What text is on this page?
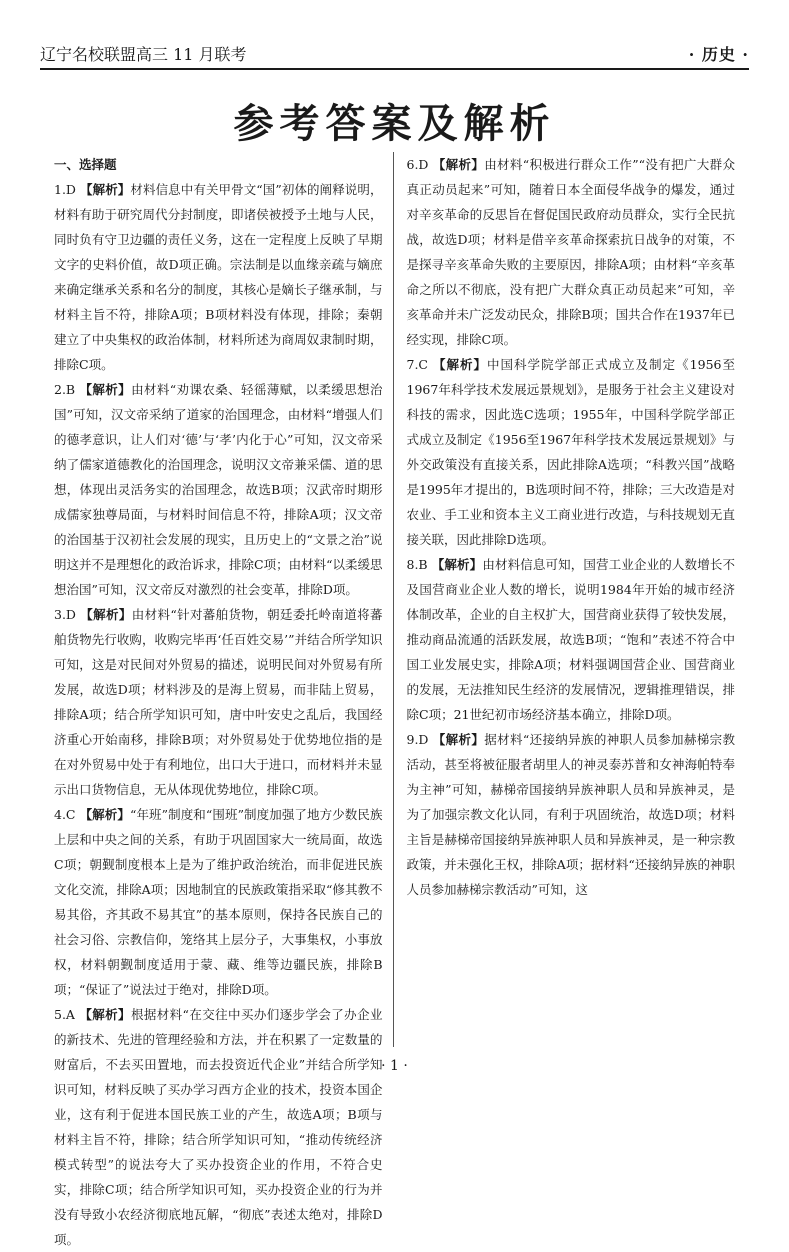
辽宁名校联盟高三 11 月联考	· 历史 ·
参考答案及解析
一、选择题

1.D 【解析】材料信息中有关甲骨文“国”初体的阐释说明，材料有助于研究周代分封制度，即诸侯被授予土地与人民，同时负有守卫边疆的责任义务，这在一定程度上反映了早期文字的史料价值，故D项正确。宗法制是以血缘亲疏与嫡庶来确定继承关系和名分的制度，其核心是嫡长子继承制，与材料主旨不符，排除A项；B项材料没有体现，排除；秦朝建立了中央集权的政治体制，材料所述为商周奴隶制时期，排除C项。

2.B 【解析】由材料“劝课农桑、轻徭薄赋，以柔缓思想治国”可知，汉文帝采纳了道家的治国理念，由材料“增强人们的德孝意识，让人们对‘德’与‘孝’内化于心”可知，汉文帝采纳了儒家道德教化的治国理念，说明汉文帝兼采儒、道的思想，体现出灵活务实的治国理念，故选B项；汉武帝时期形成儒家独尊局面，与材料时间信息不符，排除A项；汉文帝的治国基于汉初社会发展的现实，且历史上的“文景之治”说明这并不是理想化的政治诉求，排除C项；由材料“以柔缓思想治国”可知，汉文帝反对激烈的社会变革，排除D项。

3.D 【解析】由材料“针对蕃舶货物，朝廷委托岭南道将蕃舶货物先行收购，收购完毕再‘任百姓交易’”并结合所学知识可知，这是对民间对外贸易的描述，说明民间对外贸易有所发展，故选D项；材料涉及的是海上贸易，而非陆上贸易，排除A项；结合所学知识可知，唐中叶安史之乱后，我国经济重心开始南移，排除B项；对外贸易处于优势地位指的是在对外贸易中处于有利地位，出口大于进口，而材料并未显示出口货物信息，无从体现优势地位，排除C项。

4.C 【解析】“年班”制度和“围班”制度加强了地方少数民族上层和中央之间的关系，有助于巩固国家大一统局面，故选C项；朝觐制度根本上是为了维护政治统治，而非促进民族文化交流，排除A项；因地制宜的民族政策指采取“修其教不易其俗，齐其政不易其宜”的基本原则，保持各民族自己的社会习俗、宗教信仰，笼络其上层分子，大事集权，小事放权，材料朝觐制度适用于蒙、藏、维等边疆民族，排除B项；“保证了”说法过于绝对，排除D项。

5.A 【解析】根据材料“在交往中买办们逐步学会了办企业的新技术、先进的管理经验和方法，并在积累了一定数量的财富后，不去买田置地，而去投资近代企业”并结合所学知识可知，材料反映了买办学习西方企业的技术，投资本国企业，这有利于促进本国民族工业的产生，故选A项；B项与材料主旨不符，排除；结合所学知识可知，“推动传统经济模式转型”的说法夸大了买办投资企业的作用，不符合史实，排除C项；结合所学知识可知，买办投资企业的行为并没有导致小农经济彻底地瓦解，“彻底”表述太绝对，排除D项。

6.D 【解析】由材料“积极进行群众工作”“没有把广大群众真正动员起来”可知，随着日本全面侵华战争的爆发，通过对辛亥革命的反思旨在督促国民政府动员群众，实行全民抗战，故选D项；材料是借辛亥革命探索抗日战争的对策，不是探寻辛亥革命失败的主要原因，排除A项；由材料“辛亥革命之所以不彻底，没有把广大群众真正动员起来”可知，辛亥革命并未广泛发动民众，排除B项；国共合作在1937年已经实现，排除C项。

7.C 【解析】中国科学院学部正式成立及制定《1956至1967年科学技术发展远景规划》，是服务于社会主义建设对科技的需求，因此选C选项；1955年，中国科学院学部正式成立及制定《1956至1967年科学技术发展远景规划》与外交政策没有直接关系，因此排除A选项；“科教兴国”战略是1995年才提出的，B选项时间不符，排除；三大改造是对农业、手工业和资本主义工商业进行改造，与科技规划无直接关联，因此排除D选项。

8.B 【解析】由材料信息可知，国营工业企业的人数增长不及国营商业企业人数的增长，说明1984年开始的城市经济体制改革，企业的自主权扩大，国营商业获得了较快发展，推动商品流通的活跃发展，故选B项；“饱和”表述不符合中国工业发展史实，排除A项；材料强调国营企业、国营商业的发展，无法推知民生经济的发展情况，逻辑推理错误，排除C项；21世纪初市场经济基本确立，排除D项。

9.D 【解析】据材料“还接纳异族的神职人员参加赫梯宗教活动，甚至将被征服者胡里人的神灵泰苏普和女神海帕特奉为主神”可知，赫梯帝国接纳异族神职人员和异族神灵，是为了加强宗教文化认同，有利于巩固统治，故选D项；材料主旨是赫梯帝国接纳异族神职人员和异族神灵，是一种宗教政策，并未强化王权，排除A项；据材料“还接纳异族的神职人员参加赫梯宗教活动”可知，这

· 1 ·
